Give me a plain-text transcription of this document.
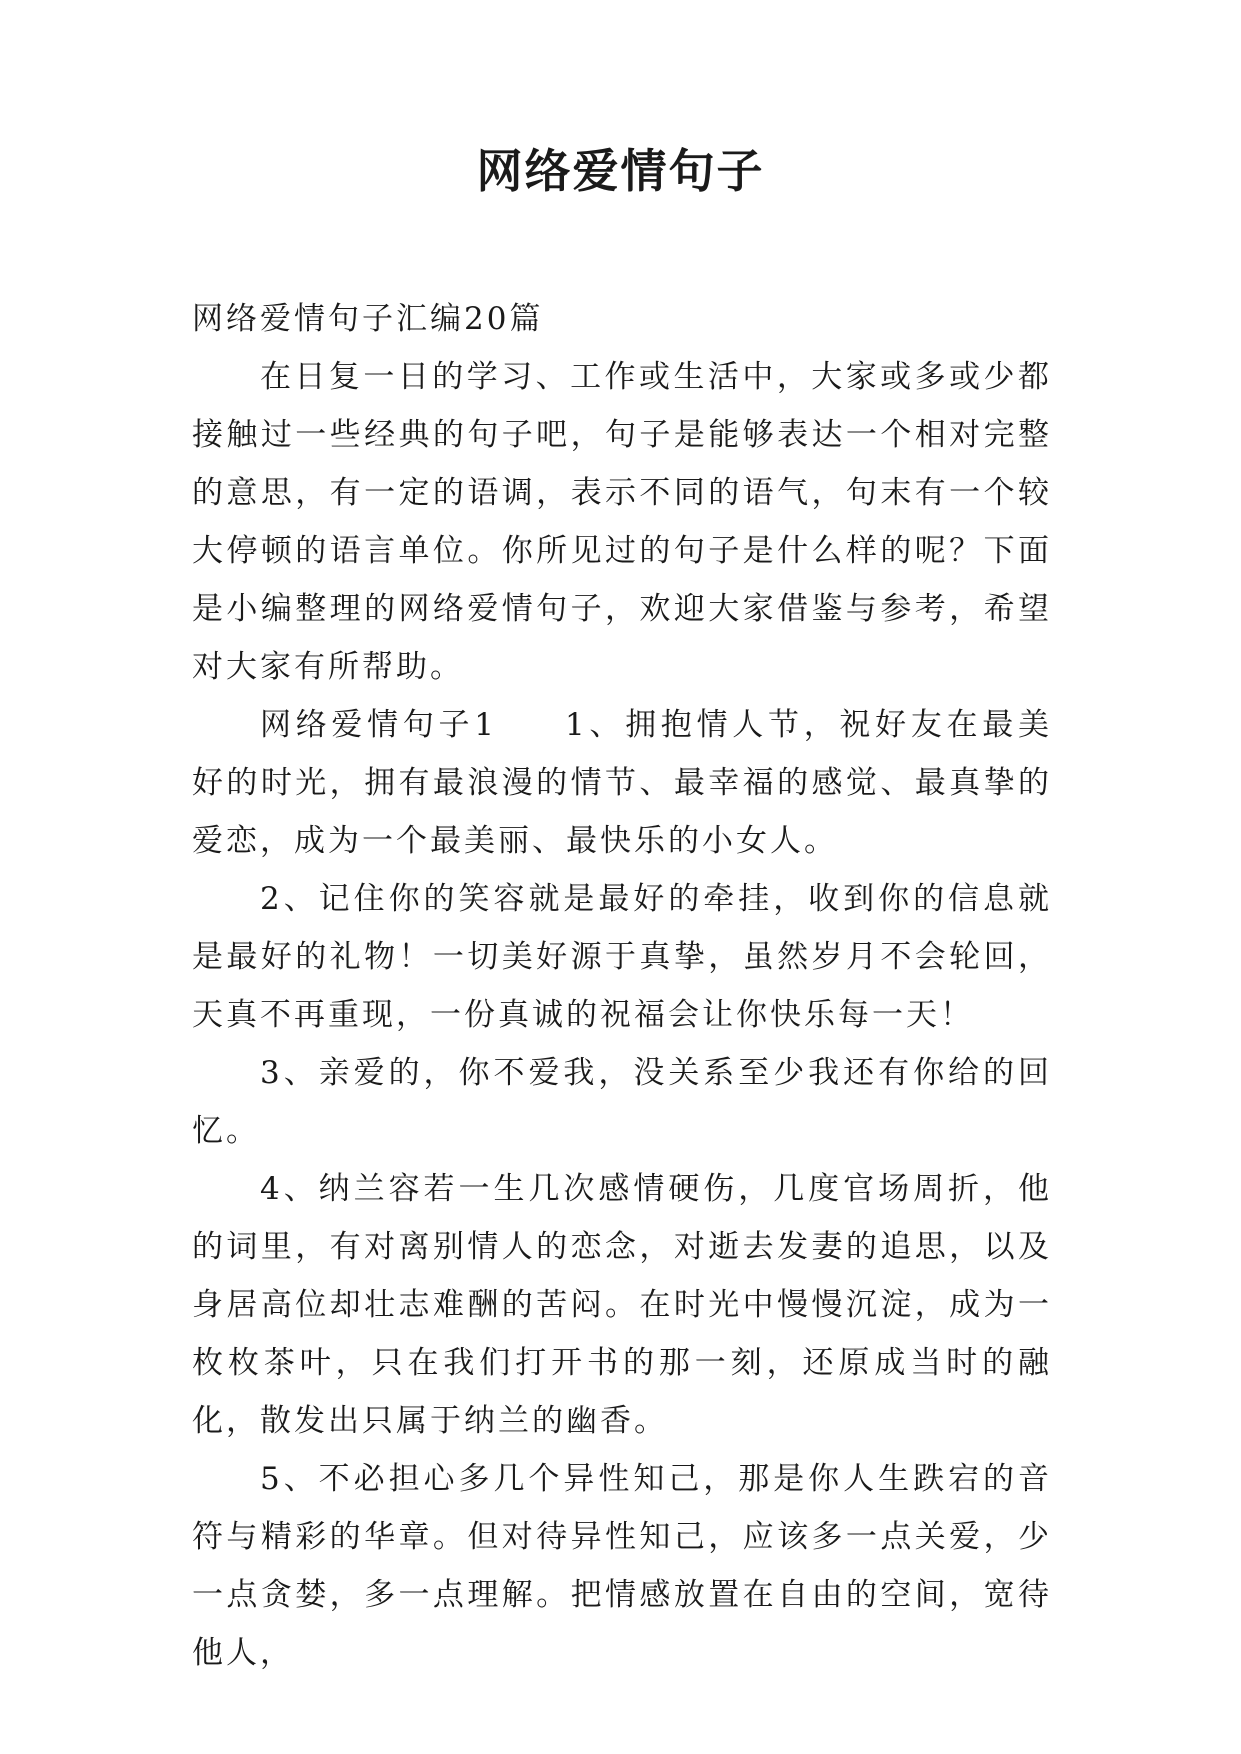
网络爱情句子

网络爱情句子汇编20篇

在日复一日的学习、工作或生活中，大家或多或少都接触过一些经典的句子吧，句子是能够表达一个相对完整的意思，有一定的语调，表示不同的语气，句末有一个较大停顿的语言单位。你所见过的句子是什么样的呢？下面是小编整理的网络爱情句子，欢迎大家借鉴与参考，希望对大家有所帮助。

网络爱情句子1   1、拥抱情人节，祝好友在最美好的时光，拥有最浪漫的情节、最幸福的感觉、最真挚的爱恋，成为一个最美丽、最快乐的小女人。

2、记住你的笑容就是最好的牵挂，收到你的信息就是最好的礼物！一切美好源于真挚，虽然岁月不会轮回，天真不再重现，一份真诚的祝福会让你快乐每一天！

3、亲爱的，你不爱我，没关系至少我还有你给的回忆。

4、纳兰容若一生几次感情硬伤，几度官场周折，他的词里，有对离别情人的恋念，对逝去发妻的追思，以及身居高位却壮志难酬的苦闷。在时光中慢慢沉淀，成为一枚枚茶叶，只在我们打开书的那一刻，还原成当时的融化，散发出只属于纳兰的幽香。

5、不必担心多几个异性知己，那是你人生跌宕的音符与精彩的华章。但对待异性知己，应该多一点关爱，少一点贪婪，多一点理解。把情感放置在自由的空间，宽待他人，
